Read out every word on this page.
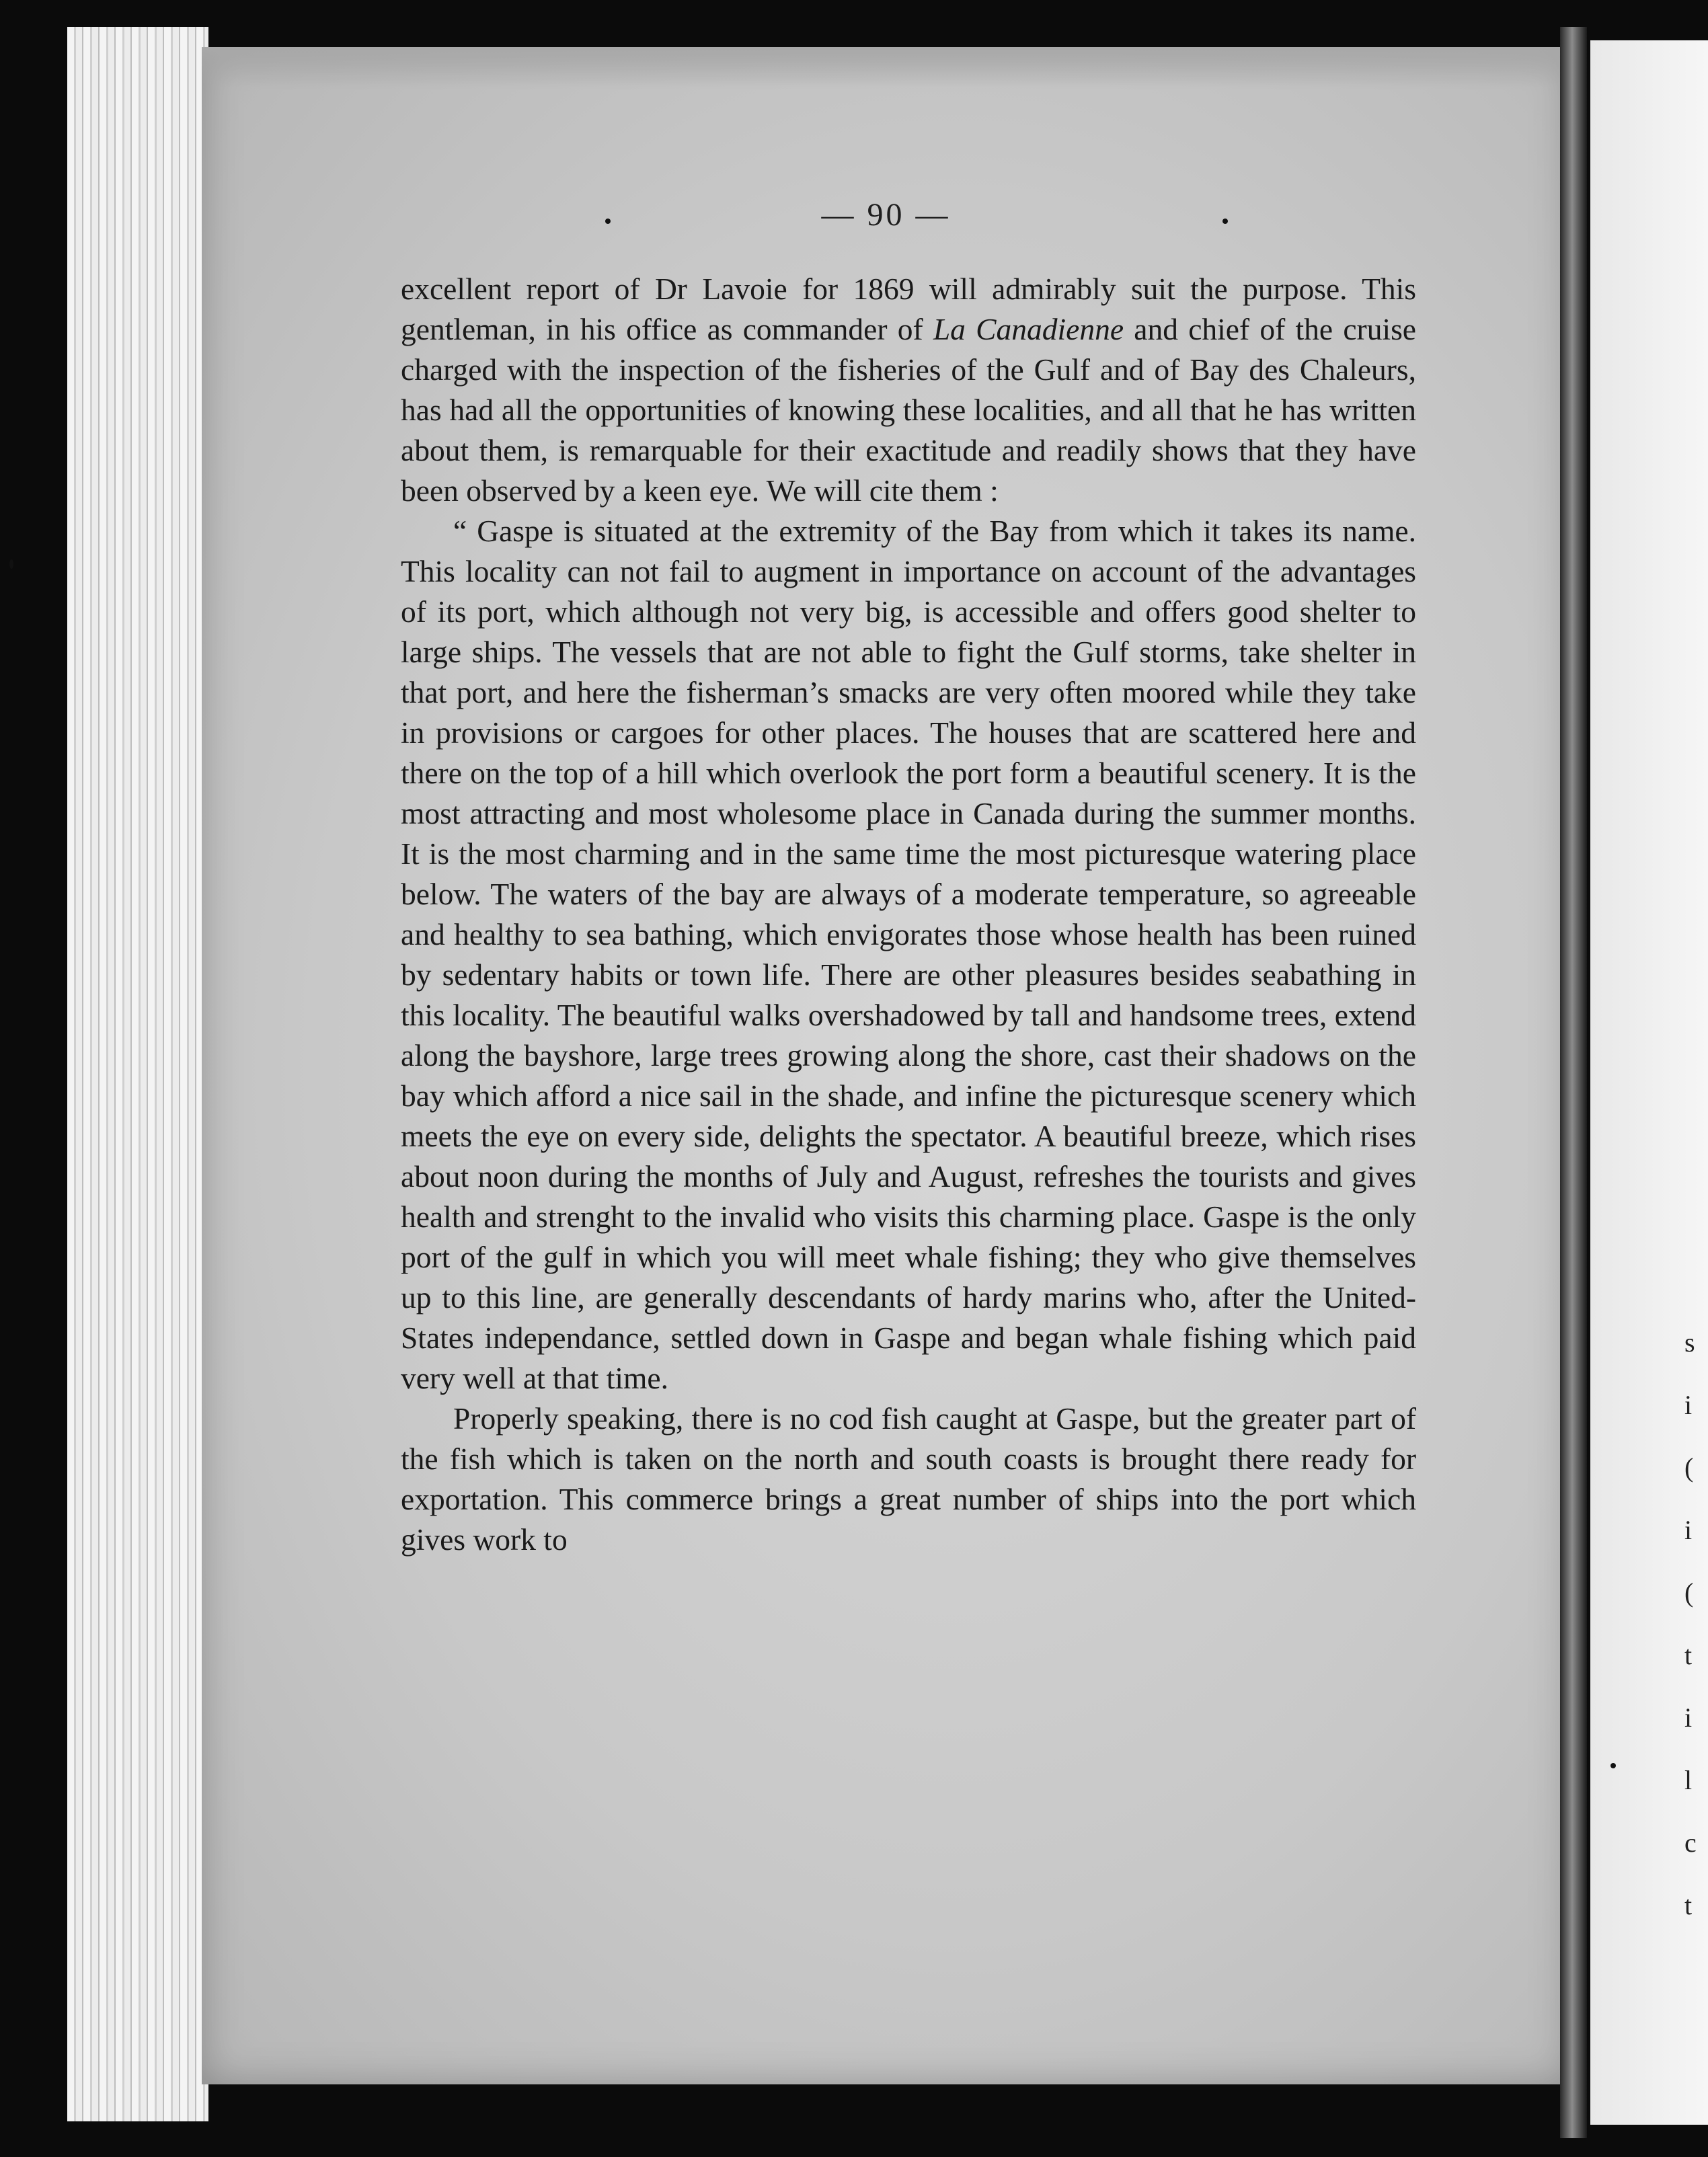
s
i
(
i
(
t
i
l
c
t
— 90 —

excellent report of Dr Lavoie for 1869 will admirably suit the purpose. This gentleman, in his office as commander of La Canadienne and chief of the cruise charged with the inspection of the fisheries of the Gulf and of Bay des Chaleurs, has had all the opportunities of knowing these localities, and all that he has written about them, is remarquable for their exactitude and readily shows that they have been observed by a keen eye. We will cite them :

“ Gaspe is situated at the extremity of the Bay from which it takes its name. This locality can not fail to augment in importance on account of the advantages of its port, which although not very big, is accessible and offers good shelter to large ships. The vessels that are not able to fight the Gulf storms, take shelter in that port, and here the fisherman’s smacks are very often moored while they take in provisions or cargoes for other places. The houses that are scattered here and there on the top of a hill which overlook the port form a beautiful scenery. It is the most attracting and most wholesome place in Canada during the summer months. It is the most charming and in the same time the most picturesque watering place below. The waters of the bay are always of a moderate temperature, so agreeable and healthy to sea bathing, which envigorates those whose health has been ruined by sedentary habits or town life. There are other pleasures besides seabathing in this locality. The beautiful walks overshadowed by tall and handsome trees, extend along the bayshore, large trees growing along the shore, cast their shadows on the bay which afford a nice sail in the shade, and infine the picturesque scenery which meets the eye on every side, delights the spectator. A beautiful breeze, which rises about noon during the months of July and August, refreshes the tourists and gives health and strenght to the invalid who visits this charming place. Gaspe is the only port of the gulf in which you will meet whale fishing; they who give themselves up to this line, are generally descendants of hardy marins who, after the United-States independance, settled down in Gaspe and began whale fishing which paid very well at that time.

Properly speaking, there is no cod fish caught at Gaspe, but the greater part of the fish which is taken on the north and south coasts is brought there ready for exportation. This commerce brings a great number of ships into the port which gives work to
